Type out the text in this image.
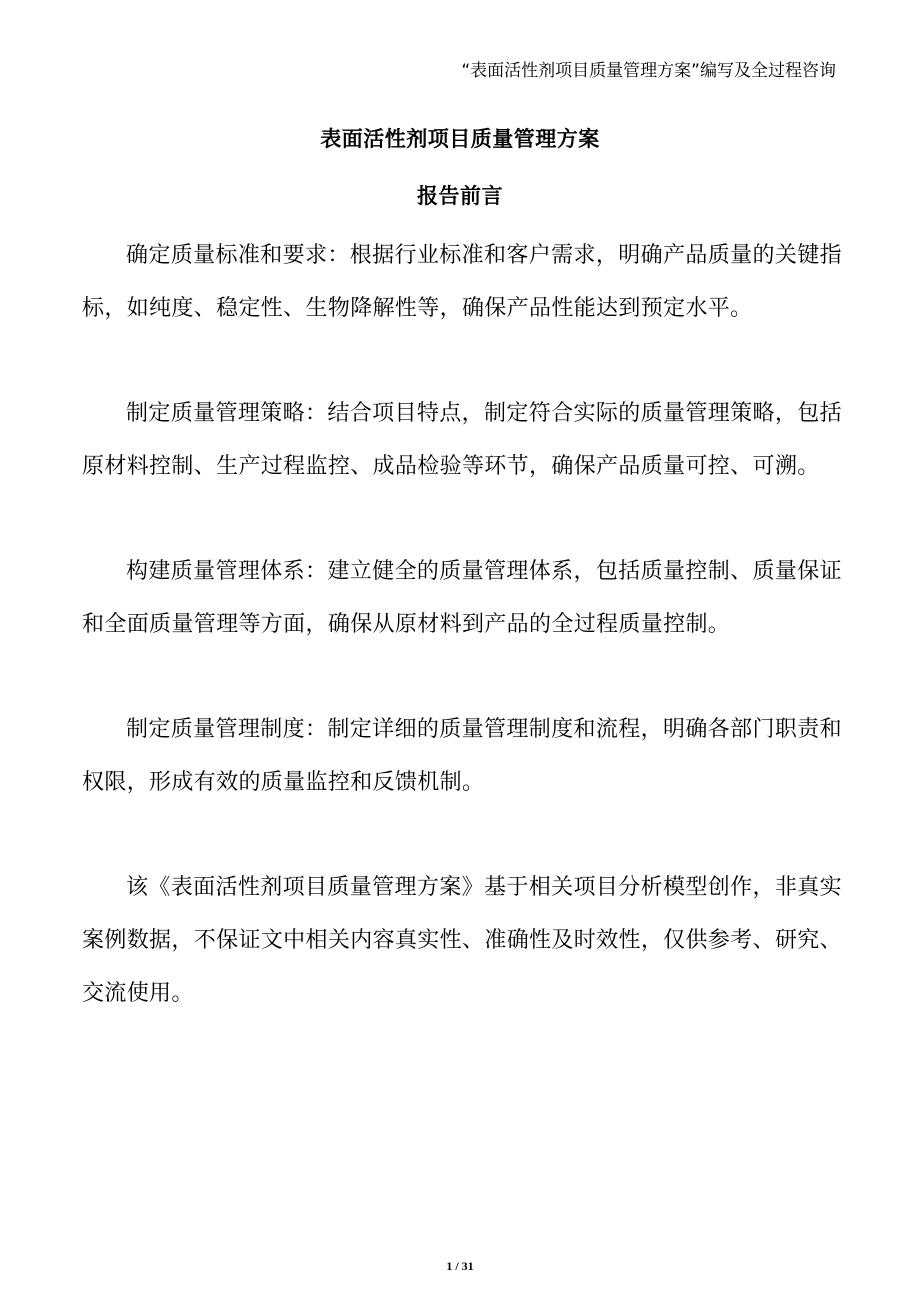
“表面活性剂项目质量管理方案”编写及全过程咨询
表面活性剂项目质量管理方案
报告前言

确定质量标准和要求：根据行业标准和客户需求，明确产品质量的关键指标，如纯度、稳定性、生物降解性等，确保产品性能达到预定水平。

制定质量管理策略：结合项目特点，制定符合实际的质量管理策略，包括原材料控制、生产过程监控、成品检验等环节，确保产品质量可控、可溯。

构建质量管理体系：建立健全的质量管理体系，包括质量控制、质量保证和全面质量管理等方面，确保从原材料到产品的全过程质量控制。

制定质量管理制度：制定详细的质量管理制度和流程，明确各部门职责和权限，形成有效的质量监控和反馈机制。

该《表面活性剂项目质量管理方案》基于相关项目分析模型创作，非真实案例数据，不保证文中相关内容真实性、准确性及时效性，仅供参考、研究、交流使用。

1 / 31
